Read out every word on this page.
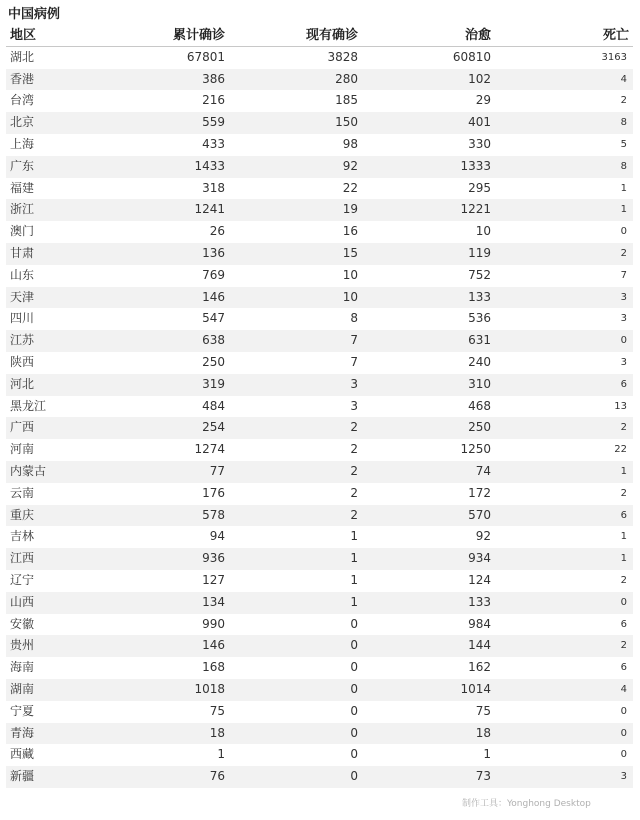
中国病例
地区	累计确诊	现有确诊	治愈	死亡
湖北	67801	3828	60810	3163
香港	386	280	102	4
台湾	216	185	29	2
北京	559	150	401	8
上海	433	98	330	5
广东	1433	92	1333	8
福建	318	22	295	1
浙江	1241	19	1221	1
澳门	26	16	10	0
甘肃	136	15	119	2
山东	769	10	752	7
天津	146	10	133	3
四川	547	8	536	3
江苏	638	7	631	0
陕西	250	7	240	3
河北	319	3	310	6
黑龙江	484	3	468	13
广西	254	2	250	2
河南	1274	2	1250	22
内蒙古	77	2	74	1
云南	176	2	172	2
重庆	578	2	570	6
吉林	94	1	92	1
江西	936	1	934	1
辽宁	127	1	124	2
山西	134	1	133	0
安徽	990	0	984	6
贵州	146	0	144	2
海南	168	0	162	6
湖南	1018	0	1014	4
宁夏	75	0	75	0
青海	18	0	18	0
西藏	1	0	1	0
新疆	76	0	73	3
制作工具：Yonghong Desktop
